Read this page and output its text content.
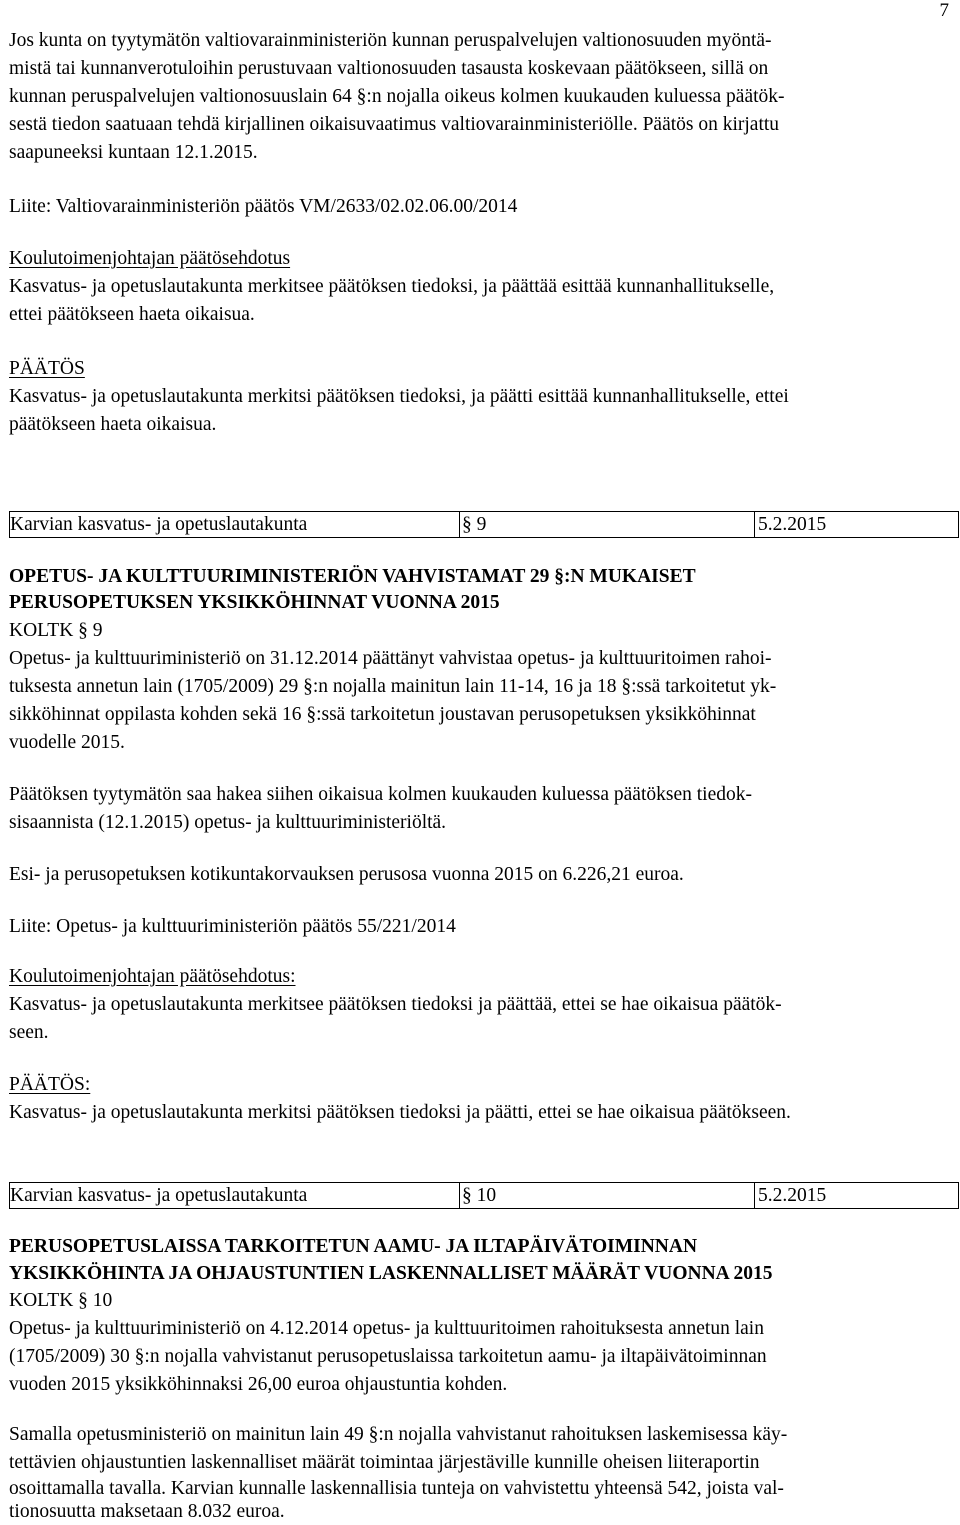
7
Jos kunta on tyytymätön valtiovarainministeriön kunnan peruspalvelujen valtionosuuden myöntä-
mistä tai kunnanverotuloihin perustuvaan valtionosuuden tasausta koskevaan päätökseen, sillä on
kunnan peruspalvelujen valtionosuuslain 64 §:n nojalla oikeus kolmen kuukauden kuluessa päätök-
sestä tiedon saatuaan tehdä kirjallinen oikaisuvaatimus valtiovarainministeriölle. Päätös on kirjattu
saapuneeksi kuntaan 12.1.2015.
Liite: Valtiovarainministeriön päätös VM/2633/02.02.06.00/2014
Koulutoimenjohtajan päätösehdotus
Kasvatus- ja opetuslautakunta merkitsee päätöksen tiedoksi, ja päättää esittää kunnanhallitukselle,
ettei päätökseen haeta oikaisua.
PÄÄTÖS
Kasvatus- ja opetuslautakunta merkitsi päätöksen tiedoksi, ja päätti esittää kunnanhallitukselle, ettei
päätökseen haeta oikaisua.
Karvian kasvatus- ja opetuslautakunta	§ 9	5.2.2015
OPETUS- JA KULTTUURIMINISTERIÖN VAHVISTAMAT 29 §:N MUKAISET
PERUSOPETUKSEN YKSIKKÖHINNAT VUONNA 2015
KOLTK § 9
Opetus- ja kulttuuriministeriö on 31.12.2014 päättänyt vahvistaa opetus- ja kulttuuritoimen rahoi-
tuksesta annetun lain (1705/2009) 29 §:n nojalla mainitun lain 11-14, 16 ja 18 §:ssä tarkoitetut yk-
sikköhinnat oppilasta kohden sekä 16 §:ssä tarkoitetun joustavan perusopetuksen yksikköhinnat
vuodelle 2015.
Päätöksen tyytymätön saa hakea siihen oikaisua kolmen kuukauden kuluessa päätöksen tiedok-
sisaannista (12.1.2015) opetus- ja kulttuuriministeriöltä.
Esi- ja perusopetuksen kotikuntakorvauksen perusosa vuonna 2015 on 6.226,21 euroa.
Liite: Opetus- ja kulttuuriministeriön päätös 55/221/2014
Koulutoimenjohtajan päätösehdotus:
Kasvatus- ja opetuslautakunta merkitsee päätöksen tiedoksi ja päättää, ettei se hae oikaisua päätök-
seen.
PÄÄTÖS:
Kasvatus- ja opetuslautakunta merkitsi päätöksen tiedoksi ja päätti, ettei se hae oikaisua päätökseen.
Karvian kasvatus- ja opetuslautakunta	§ 10	5.2.2015
PERUSOPETUSLAISSA TARKOITETUN AAMU- JA ILTAPÄIVÄTOIMINNAN
YKSIKKÖHINTA JA OHJAUSTUNTIEN LASKENNALLISET MÄÄRÄT VUONNA 2015
KOLTK § 10
Opetus- ja kulttuuriministeriö on 4.12.2014 opetus- ja kulttuuritoimen rahoituksesta annetun lain
(1705/2009) 30 §:n nojalla vahvistanut perusopetuslaissa tarkoitetun aamu- ja iltapäivätoiminnan
vuoden 2015 yksikköhinnaksi 26,00 euroa ohjaustuntia kohden.
Samalla opetusministeriö on mainitun lain 49 §:n nojalla vahvistanut rahoituksen laskemisessa käy-
tettävien ohjaustuntien laskennalliset määrät toimintaa järjestäville kunnille oheisen liiteraportin
osoittamalla tavalla. Karvian kunnalle laskennallisia tunteja on vahvistettu yhteensä 542, joista val-
tionosuutta maksetaan 8.032 euroa.
